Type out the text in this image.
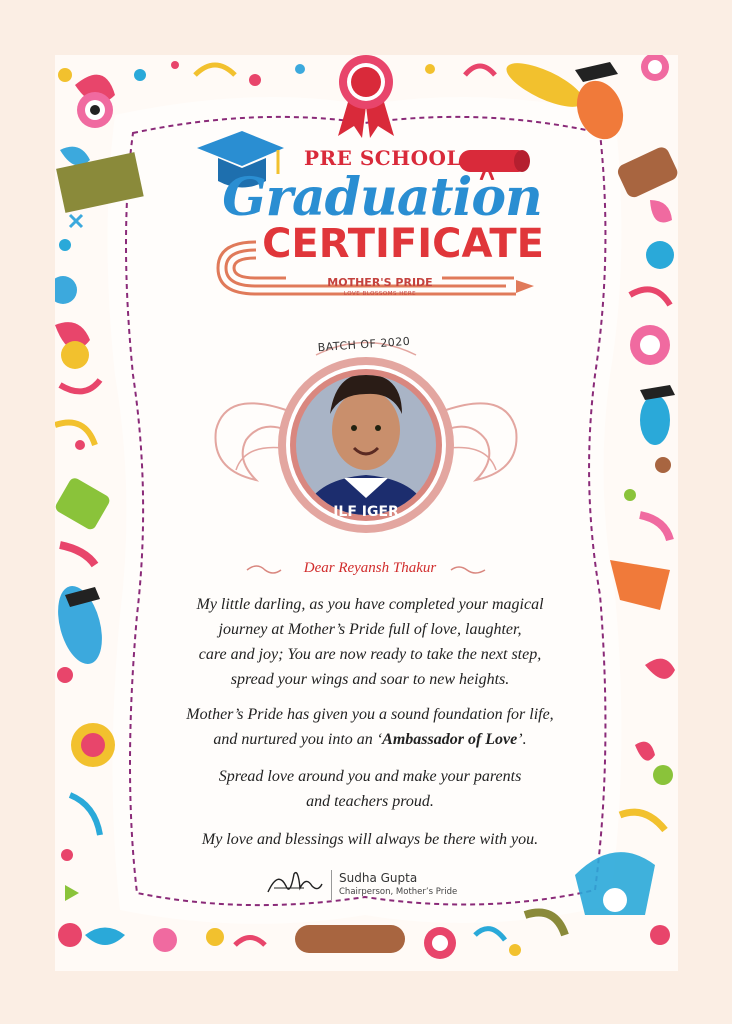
PRE SCHOOL
Graduation
CERTIFICATE
MOTHER'S PRIDE
LOVE BLOSSOMS HERE
ILF IGER
BATCH OF 2020
Dear Reyansh Thakur

My little darling, as you have completed your magical
journey at Mother’s Pride full of love, laughter,
care and joy; You are now ready to take the next step,
spread your wings and soar to new heights.

Mother’s Pride has given you a sound foundation for life,
and nurtured you into an ‘Ambassador of Love’.

Spread love around you and make your parents
and teachers proud.

My love and blessings will always be there with you.

Sudha Gupta
Chairperson, Mother’s Pride
